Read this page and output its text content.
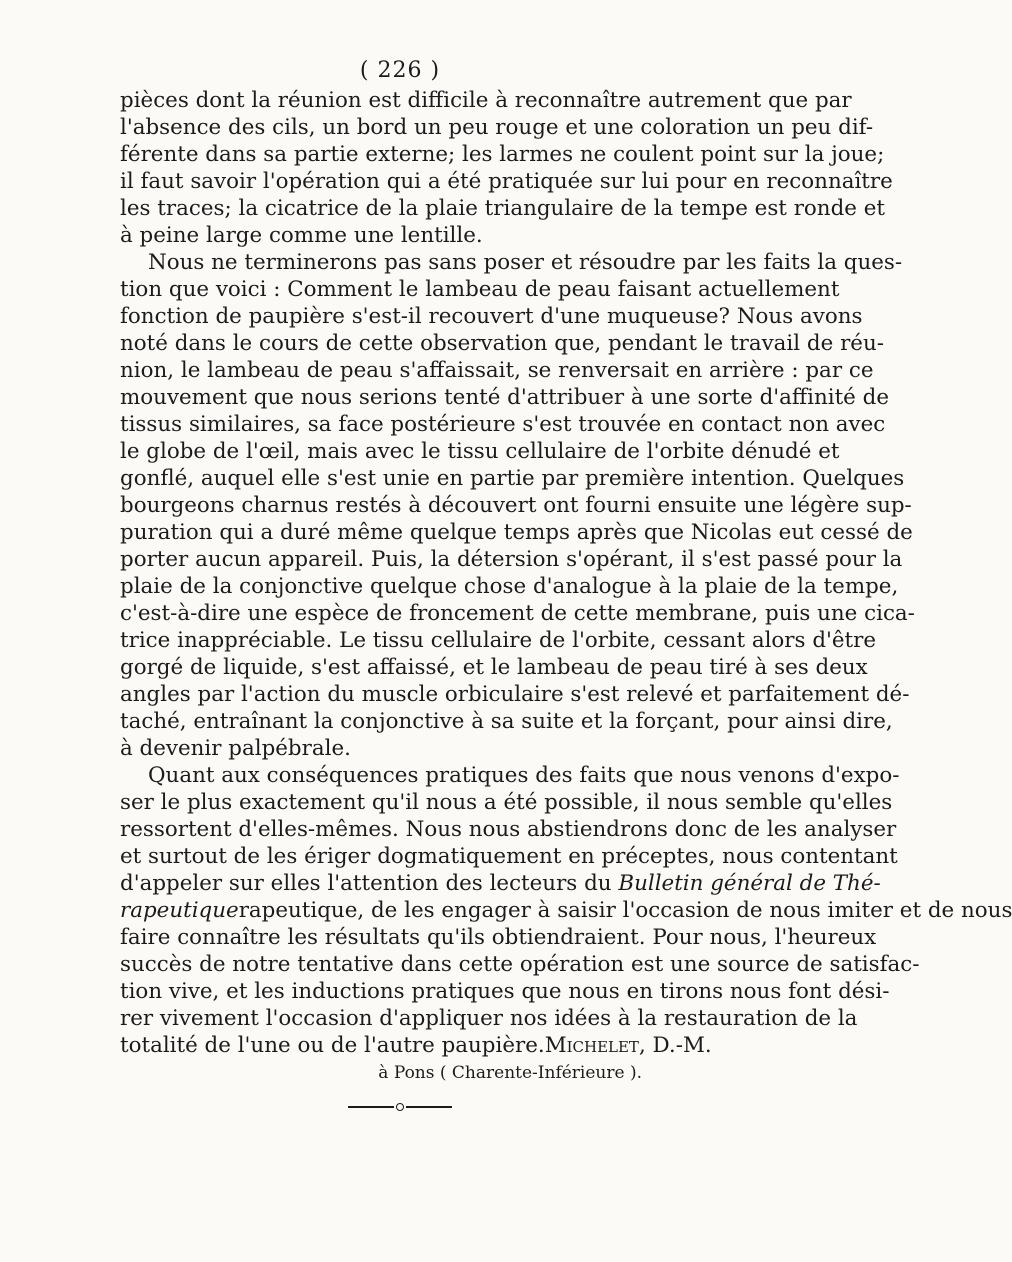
( 226 )
pièces dont la réunion est difficile à reconnaître autrement que par
l'absence des cils, un bord un peu rouge et une coloration un peu dif-
férente dans sa partie externe; les larmes ne coulent point sur la joue;
il faut savoir l'opération qui a été pratiquée sur lui pour en reconnaître
les traces; la cicatrice de la plaie triangulaire de la tempe est ronde et
à peine large comme une lentille.
Nous ne terminerons pas sans poser et résoudre par les faits la ques-
tion que voici : Comment le lambeau de peau faisant actuellement
fonction de paupière s'est-il recouvert d'une muqueuse? Nous avons
noté dans le cours de cette observation que, pendant le travail de réu-
nion, le lambeau de peau s'affaissait, se renversait en arrière : par ce
mouvement que nous serions tenté d'attribuer à une sorte d'affinité de
tissus similaires, sa face postérieure s'est trouvée en contact non avec
le globe de l'œil, mais avec le tissu cellulaire de l'orbite dénudé et
gonflé, auquel elle s'est unie en partie par première intention. Quelques
bourgeons charnus restés à découvert ont fourni ensuite une légère sup-
puration qui a duré même quelque temps après que Nicolas eut cessé de
porter aucun appareil. Puis, la détersion s'opérant, il s'est passé pour la
plaie de la conjonctive quelque chose d'analogue à la plaie de la tempe,
c'est-à-dire une espèce de froncement de cette membrane, puis une cica-
trice inappréciable. Le tissu cellulaire de l'orbite, cessant alors d'être
gorgé de liquide, s'est affaissé, et le lambeau de peau tiré à ses deux
angles par l'action du muscle orbiculaire s'est relevé et parfaitement dé-
taché, entraînant la conjonctive à sa suite et la forçant, pour ainsi dire,
à devenir palpébrale.
Quant aux conséquences pratiques des faits que nous venons d'expo-
ser le plus exactement qu'il nous a été possible, il nous semble qu'elles
ressortent d'elles-mêmes. Nous nous abstiendrons donc de les analyser
et surtout de les ériger dogmatiquement en préceptes, nous contentant
d'appeler sur elles l'attention des lecteurs du Bulletin général de Thé-
rapeutiquerapeutique, de les engager à saisir l'occasion de nous imiter et de nous
faire connaître les résultats qu'ils obtiendraient. Pour nous, l'heureux
succès de notre tentative dans cette opération est une source de satisfac-
tion vive, et les inductions pratiques que nous en tirons nous font dési-
rer vivement l'occasion d'appliquer nos idées à la restauration de la
totalité de l'une ou de l'autre paupière. Michelet, D.-M.
à Pons ( Charente-Inférieure ).
